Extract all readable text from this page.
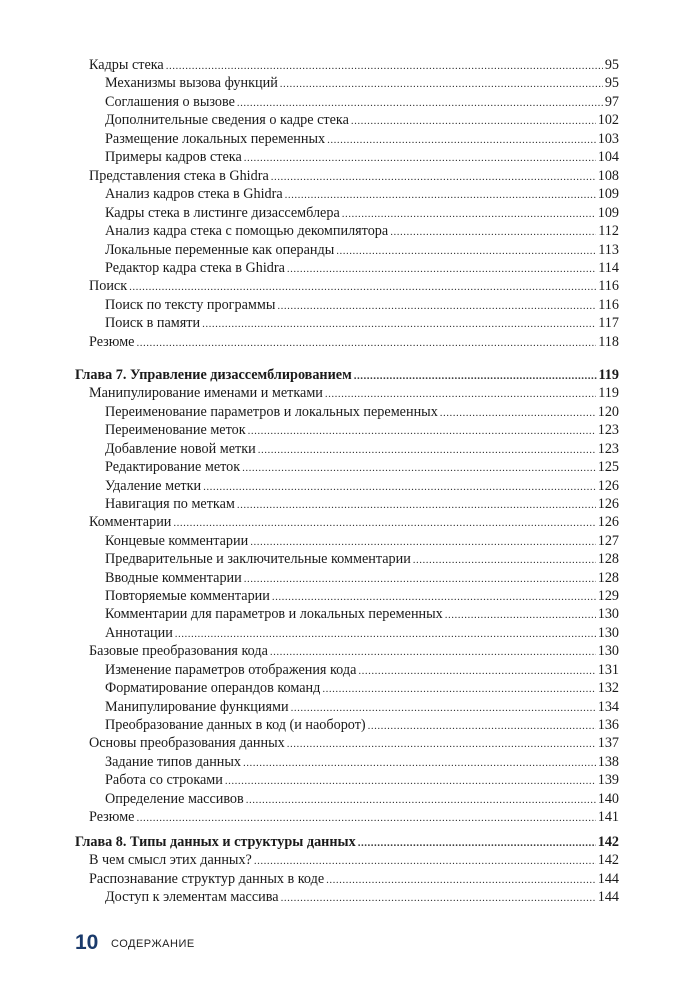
Кадры стека .....	95
Механизмы вызова функций .....	95
Соглашения о вызове .....	97
Дополнительные сведения о кадре стека .....	102
Размещение локальных переменных .....	103
Примеры кадров стека .....	104
Представления стека в Ghidra .....	108
Анализ кадров стека в Ghidra .....	109
Кадры стека в листинге дизассемблера .....	109
Анализ кадра стека с помощью декомпилятора .....	112
Локальные переменные как операнды .....	113
Редактор кадра стека в Ghidra .....	114
Поиск .....	116
Поиск по тексту программы .....	116
Поиск в памяти .....	117
Резюме .....	118
Глава 7. Управление дизассемблированием .....	119
Манипулирование именами и метками .....	119
Переименование параметров и локальных переменных .....	120
Переименование меток .....	123
Добавление новой метки .....	123
Редактирование меток .....	125
Удаление метки .....	126
Навигация по меткам .....	126
Комментарии .....	126
Концевые комментарии .....	127
Предварительные и заключительные комментарии .....	128
Вводные комментарии .....	128
Повторяемые комментарии .....	129
Комментарии для параметров и локальных переменных .....	130
Аннотации .....	130
Базовые преобразования кода .....	130
Изменение параметров отображения кода .....	131
Форматирование операндов команд .....	132
Манипулирование функциями .....	134
Преобразование данных в код (и наоборот) .....	136
Основы преобразования данных .....	137
Задание типов данных .....	138
Работа со строками .....	139
Определение массивов .....	140
Резюме .....	141
Глава 8. Типы данных и структуры данных .....	142
В чем смысл этих данных? .....	142
Распознавание структур данных в коде .....	144
Доступ к элементам массива .....	144
10 СОДЕРЖАНИЕ
